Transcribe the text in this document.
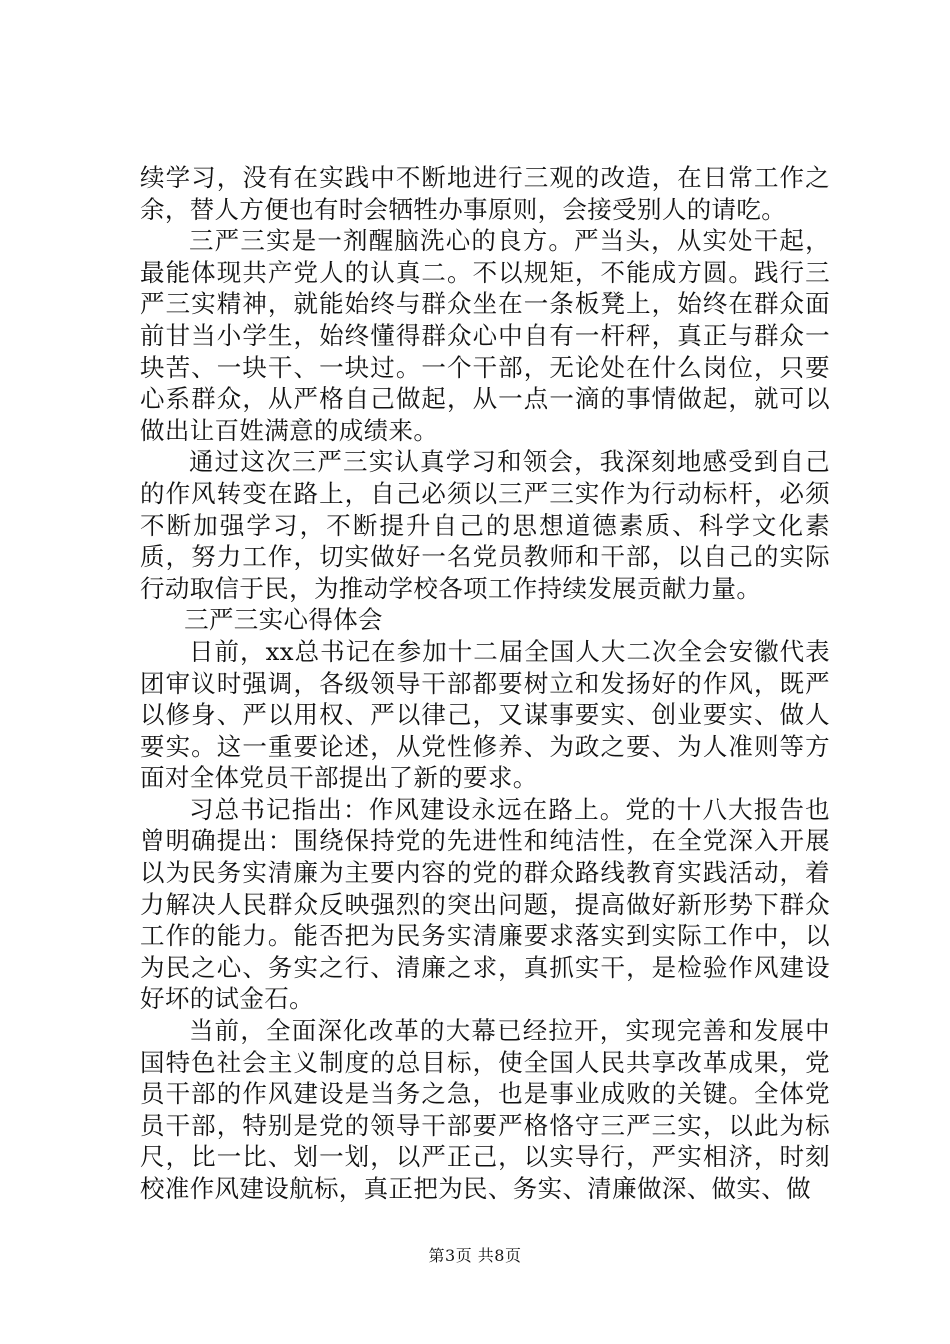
续学习，没有在实践中不断地进行三观的改造，在日常工作之余，替人方便也有时会牺牲办事原则，会接受别人的请吃。

三严三实是一剂醒脑洗心的良方。严当头，从实处干起，最能体现共产党人的认真二。不以规矩，不能成方圆。践行三严三实精神，就能始终与群众坐在一条板凳上，始终在群众面前甘当小学生，始终懂得群众心中自有一杆秤，真正与群众一块苦、一块干、一块过。一个干部，无论处在什么岗位，只要心系群众，从严格自己做起，从一点一滴的事情做起，就可以做出让百姓满意的成绩来。

通过这次三严三实认真学习和领会，我深刻地感受到自己的作风转变在路上，自己必须以三严三实作为行动标杆，必须不断加强学习，不断提升自己的思想道德素质、科学文化素质，努力工作，切实做好一名党员教师和干部，以自己的实际行动取信于民，为推动学校各项工作持续发展贡献力量。

三严三实心得体会

日前，xx总书记在参加十二届全国人大二次全会安徽代表团审议时强调，各级领导干部都要树立和发扬好的作风，既严以修身、严以用权、严以律己，又谋事要实、创业要实、做人要实。这一重要论述，从党性修养、为政之要、为人准则等方面对全体党员干部提出了新的要求。

习总书记指出：作风建设永远在路上。党的十八大报告也曾明确提出：围绕保持党的先进性和纯洁性，在全党深入开展以为民务实清廉为主要内容的党的群众路线教育实践活动，着力解决人民群众反映强烈的突出问题，提高做好新形势下群众工作的能力。能否把为民务实清廉要求落实到实际工作中，以为民之心、务实之行、清廉之求，真抓实干，是检验作风建设好坏的试金石。

当前，全面深化改革的大幕已经拉开，实现完善和发展中国特色社会主义制度的总目标，使全国人民共享改革成果，党员干部的作风建设是当务之急，也是事业成败的关键。全体党员干部，特别是党的领导干部要严格恪守三严三实，以此为标尺，比一比、划一划，以严正己，以实导行，严实相济，时刻校准作风建设航标，真正把为民、务实、清廉做深、做实、做

第3页 共8页
